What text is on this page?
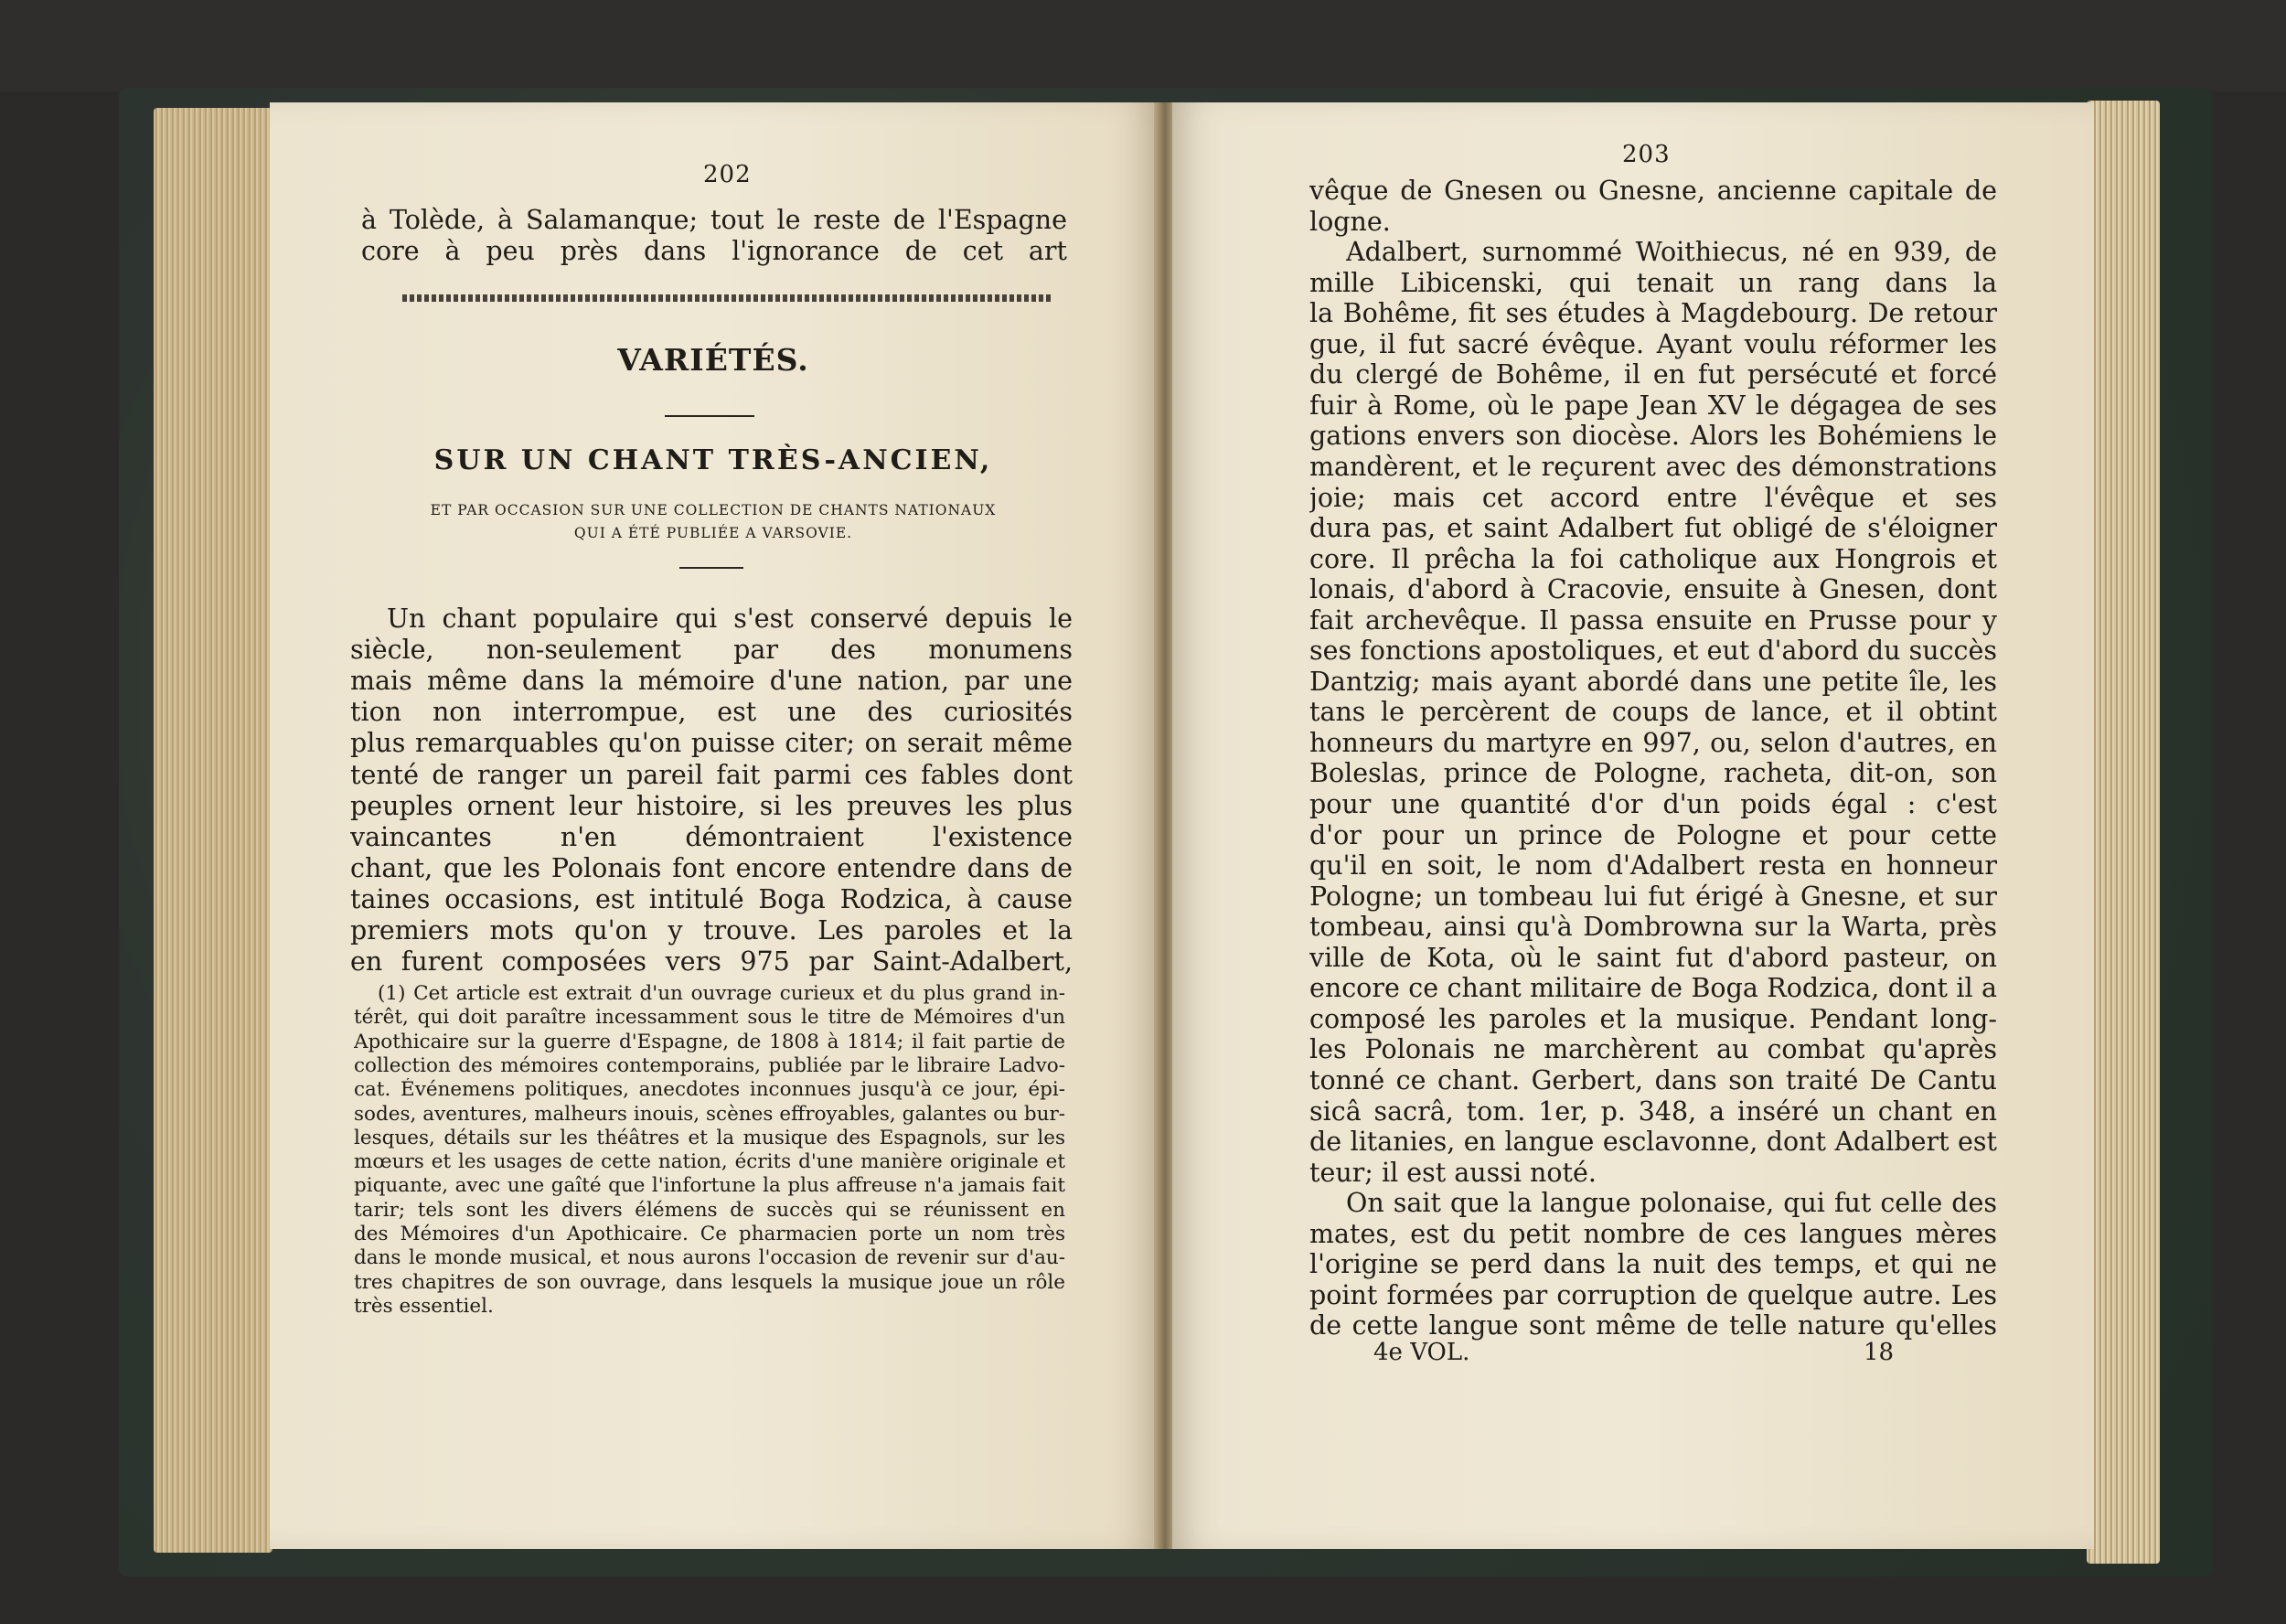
202
à Tolède, à Salamanque; tout le reste de l'Espagne
core à peu près dans l'ignorance de cet art
VARIÉTÉS.
SUR UN CHANT TRÈS-ANCIEN,
ET PAR OCCASION SUR UNE COLLECTION DE CHANTS NATIONAUX
QUI A ÉTÉ PUBLIÉE A VARSOVIE.
Un chant populaire qui s'est conservé depuis le
siècle, non-seulement par des monumens
mais même dans la mémoire d'une nation, par une
tion non interrompue, est une des curiosités
plus remarquables qu'on puisse citer; on serait même
tenté de ranger un pareil fait parmi ces fables dont
peuples ornent leur histoire, si les preuves les plus
vaincantes n'en démontraient l'existence
chant, que les Polonais font encore entendre dans de
taines occasions, est intitulé Boga Rodzica, à cause
premiers mots qu'on y trouve. Les paroles et la
en furent composées vers 975 par Saint-Adalbert,
(1) Cet article est extrait d'un ouvrage curieux et du plus grand in-
térêt, qui doit paraître incessamment sous le titre de Mémoires d'un
Apothicaire sur la guerre d'Espagne, de 1808 à 1814; il fait partie de
collection des mémoires contemporains, publiée par le libraire Ladvo-
cat. Événemens politiques, anecdotes inconnues jusqu'à ce jour, épi-
sodes, aventures, malheurs inouis, scènes effroyables, galantes ou bur-
lesques, détails sur les théâtres et la musique des Espagnols, sur les
mœurs et les usages de cette nation, écrits d'une manière originale et
piquante, avec une gaîté que l'infortune la plus affreuse n'a jamais fait
tarir; tels sont les divers élémens de succès qui se réunissent en
des Mémoires d'un Apothicaire. Ce pharmacien porte un nom très
dans le monde musical, et nous aurons l'occasion de revenir sur d'au-
tres chapitres de son ouvrage, dans lesquels la musique joue un rôle
très essentiel.
203
vêque de Gnesen ou Gnesne, ancienne capitale de
logne.
Adalbert, surnommé Woithiecus, né en 939, de
mille Libicenski, qui tenait un rang dans la
la Bohême, fit ses études à Magdebourg. De retour
gue, il fut sacré évêque. Ayant voulu réformer les
du clergé de Bohême, il en fut persécuté et forcé
fuir à Rome, où le pape Jean XV le dégagea de ses
gations envers son diocèse. Alors les Bohémiens le
mandèrent, et le reçurent avec des démonstrations
joie; mais cet accord entre l'évêque et ses
dura pas, et saint Adalbert fut obligé de s'éloigner
core. Il prêcha la foi catholique aux Hongrois et
lonais, d'abord à Cracovie, ensuite à Gnesen, dont
fait archevêque. Il passa ensuite en Prusse pour y
ses fonctions apostoliques, et eut d'abord du succès
Dantzig; mais ayant abordé dans une petite île, les
tans le percèrent de coups de lance, et il obtint
honneurs du martyre en 997, ou, selon d'autres, en
Boleslas, prince de Pologne, racheta, dit-on, son
pour une quantité d'or d'un poids égal : c'est
d'or pour un prince de Pologne et pour cette
qu'il en soit, le nom d'Adalbert resta en honneur
Pologne; un tombeau lui fut érigé à Gnesne, et sur
tombeau, ainsi qu'à Dombrowna sur la Warta, près
ville de Kota, où le saint fut d'abord pasteur, on
encore ce chant militaire de Boga Rodzica, dont il a
composé les paroles et la musique. Pendant long-
les Polonais ne marchèrent au combat qu'après
tonné ce chant. Gerbert, dans son traité De Cantu
sicâ sacrâ, tom. 1er, p. 348, a inséré un chant en
de litanies, en langue esclavonne, dont Adalbert est
teur; il est aussi noté.
On sait que la langue polonaise, qui fut celle des
mates, est du petit nombre de ces langues mères
l'origine se perd dans la nuit des temps, et qui ne
point formées par corruption de quelque autre. Les
de cette langue sont même de telle nature qu'elles
4e VOL.	18
